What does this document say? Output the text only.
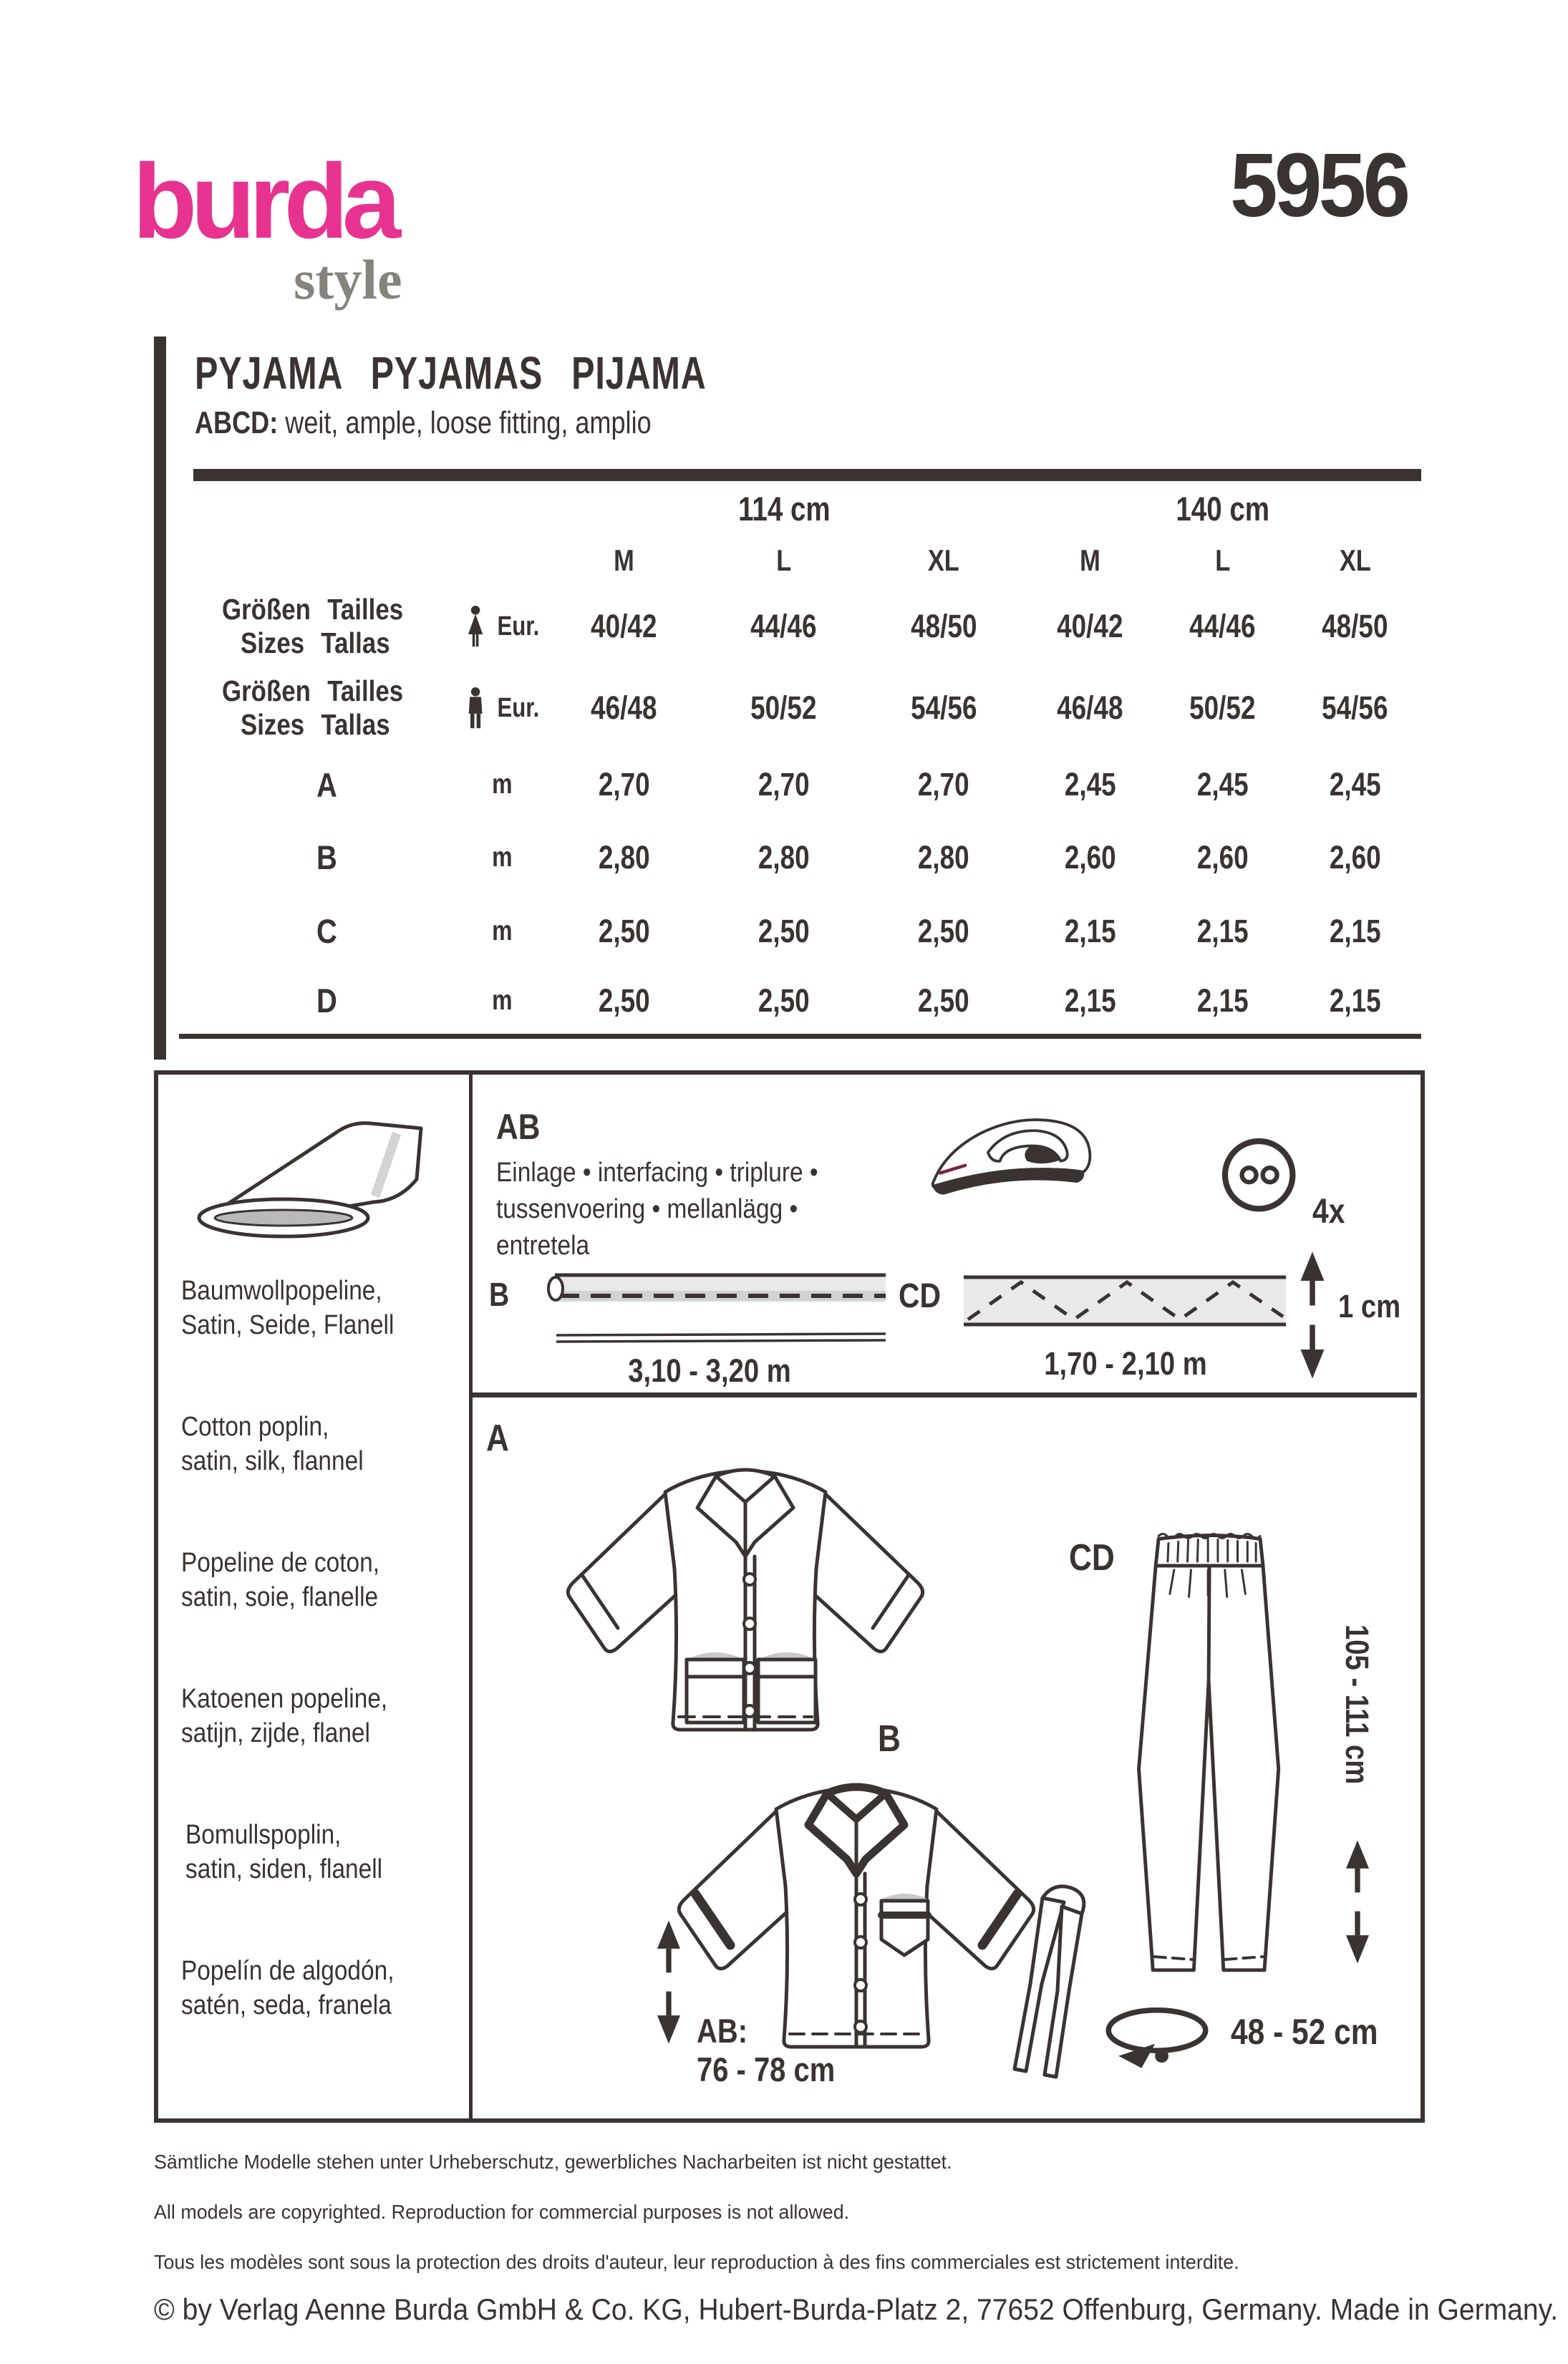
burda
style
5956
PYJAMA PYJAMAS PIJAMA
ABCD: weit, ample, loose fitting, amplio
		114 cm			140 cm		
		M	L	XL	M	L	XL
Größen Tailles
Sizes Tallas	Eur.	40/42	44/46	48/50	40/42	44/46	48/50
Größen Tailles
Sizes Tallas	Eur.	46/48	50/52	54/56	46/48	50/52	54/56
A	m	2,70	2,70	2,70	2,45	2,45	2,45
B	m	2,80	2,80	2,80	2,60	2,60	2,60
C	m	2,50	2,50	2,50	2,15	2,15	2,15
D	m	2,50	2,50	2,50	2,15	2,15	2,15
Baumwollpopeline,
Satin, Seide, Flanell
Cotton poplin,
satin, silk, flannel
Popeline de coton,
satin, soie, flanelle
Katoenen popeline,
satijn, zijde, flanel
Bomullspoplin,
satin, siden, flanell
Popelín de algodón,
satén, seda, franela
AB
Einlage • interfacing • triplure •
tussenvoering • mellanlägg •
entretela
4x
B
3,10 - 3,20 m
CD
1,70 - 2,10 m
1 cm
A
B
AB:
76 - 78 cm
CD
105 - 111 cm
48 - 52 cm
Sämtliche Modelle stehen unter Urheberschutz, gewerbliches Nacharbeiten ist nicht gestattet.
All models are copyrighted. Reproduction for commercial purposes is not allowed.
Tous les modèles sont sous la protection des droits d'auteur, leur reproduction à des fins commerciales est strictement interdite.
© by Verlag Aenne Burda GmbH & Co. KG, Hubert-Burda-Platz 2, 77652 Offenburg, Germany. Made in Germany.
